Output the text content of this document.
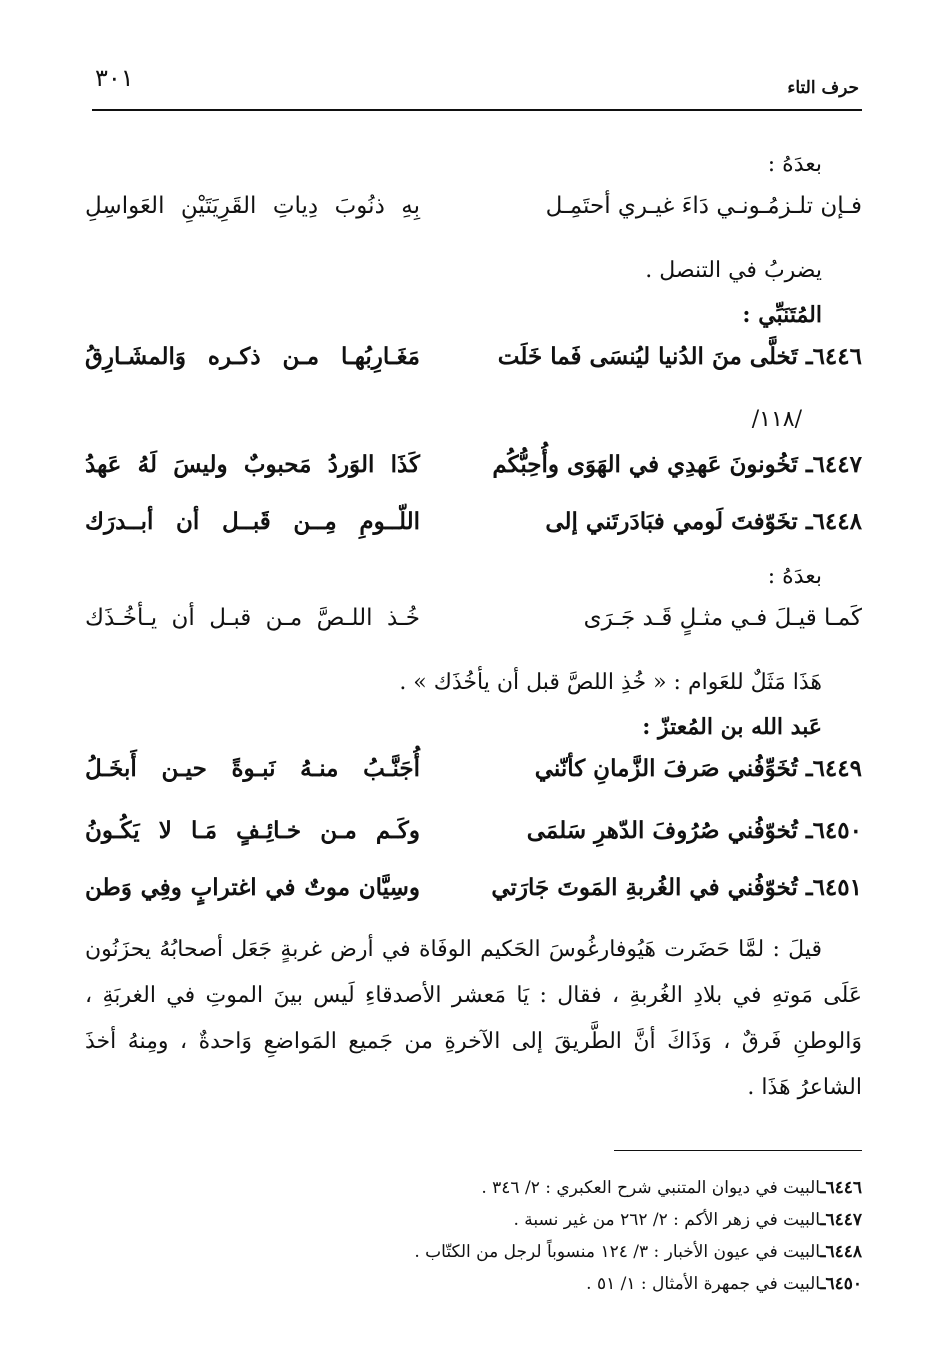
حرف التاء
٣٠١
بعدَهُ :
فـإن تلـزمُـونـي دَاءَ غيـري أحتَمِـل
بِهِ ذنُوبَ دِياتِ القَرِيَتَيْنِ العَواسِلِ
يضربُ في التنصل .
المُتَنَبِّي :
٦٤٤٦ـ تَخلَّى منَ الدُنيا ليُنسَى فَما خَلَت
مَغَـارِبُهـا مـن ذكـره وَالمشَـارِقُ
/١١٨/
٦٤٤٧ـ تَخُونونَ عَهدِي في الهَوَى وأُحِبُّكُم
كَذَا الوَردُ مَحبوبٌ وليسَ لَهُ عَهدُ
٦٤٤٨ـ تخَوّفتَ لَومي فبَادَرتَني إلى
اللّــومِ مِــن قَبــل أن أبــدرَك
بعدَهُ :
كَمـا قيـلَ فـي مثـلٍ قَـد جَـرَى
خُـذ اللـصَّ مـن قبـل أن يـأخُـذَك
هَذَا مَثَلٌ للعَوام : « خُذِ اللصَّ قبل أن يأخُذَك » .
عَبد الله بن المُعتزّ :
٦٤٤٩ـ تُخَوِّفُني صَرفَ الزَّمانِ كأنّني
أُجَنَّـبُ منـهُ نَبـوةً حيـن أَبخَـلُ
٦٤٥٠ـ تُخوّفُني صُرُوفَ الدّهرِ سَلمَى
وكَـم مـن خـائِـفٍ مَـا لا يَكُـونُ
٦٤٥١ـ تُخوّفُني في الغُربةِ المَوتَ جَارَتي
وسِيَّان موتٌ في اغترابٍ وفِي وَطن
قيلَ : لمَّا حَضَرت هَيُوفارغُوسَ الحَكيم الوفَاة في أرض غربةٍ جَعَل أصحابُهُ يحزَنُون عَلَى مَوتهِ في بلادِ الغُربةِ ، فقال : يَا مَعشر الأصدقاءِ لَيس بينَ الموتِ في الغربَةِ ، وَالوطنِ فَرقٌ ، وَذَاكَ أنَّ الطَّريقَ إلى الآخرةِ من جَميع المَواضعِ وَاحدةٌ ، ومِنهُ أخذَ الشاعرُ هَذَا .
٦٤٤٦ـالبيت في ديوان المتنبي شرح العكبري : ٢/ ٣٤٦ .
٦٤٤٧ـالبيت في زهر الأكم : ٢/ ٢٦٢ من غير نسبة .
٦٤٤٨ـالبيت في عيون الأخبار : ٣/ ١٢٤ منسوباً لرجل من الكتّاب .
٦٤٥٠ـالبيت في جمهرة الأمثال : ١/ ٥١ .
